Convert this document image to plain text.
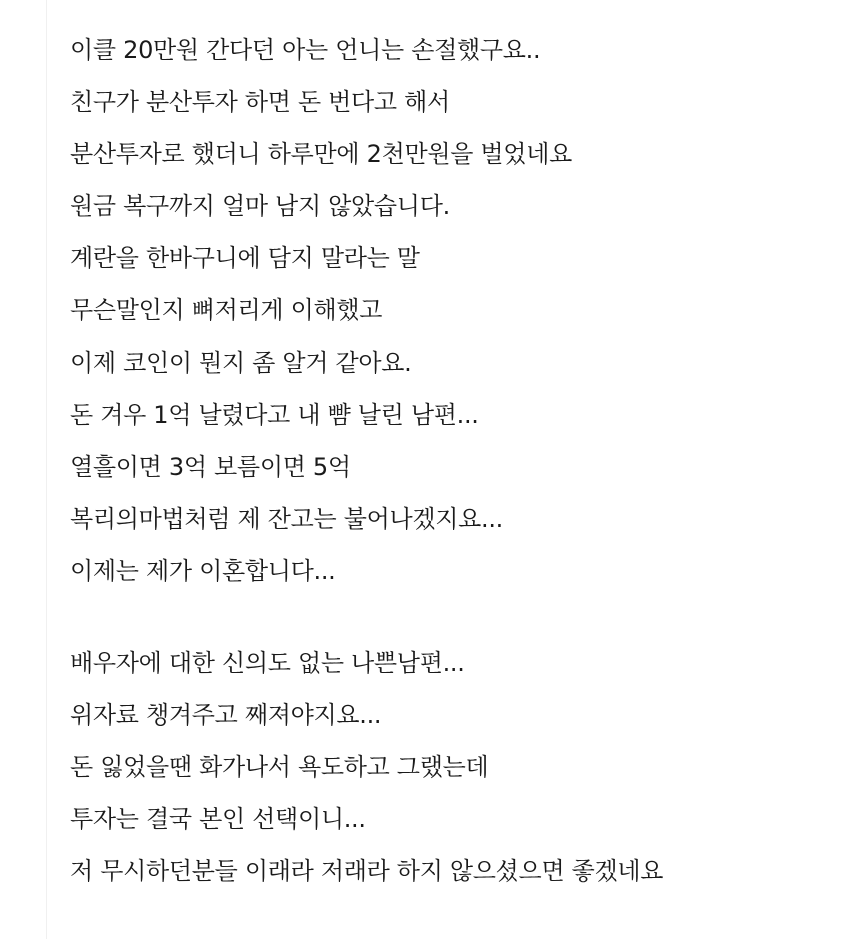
이클 20만원 간다던 아는 언니는 손절했구요..
친구가 분산투자 하면 돈 번다고 해서
분산투자로 했더니 하루만에 2천만원을 벌었네요
원금 복구까지 얼마 남지 않았습니다.
계란을 한바구니에 담지 말라는 말
무슨말인지 뼈저리게 이해했고
이제 코인이 뭔지 좀 알거 같아요.
돈 겨우 1억 날렸다고 내 뺨 날린 남편...
열흘이면 3억 보름이면 5억
복리의마법처럼 제 잔고는 불어나겠지요...
이제는 제가 이혼합니다...
배우자에 대한 신의도 없는 나쁜남편...
위자료 챙겨주고 째져야지요...
돈 잃었을땐 화가나서 욕도하고 그랬는데
투자는 결국 본인 선택이니...
저 무시하던분들 이래라 저래라 하지 않으셨으면 좋겠네요
